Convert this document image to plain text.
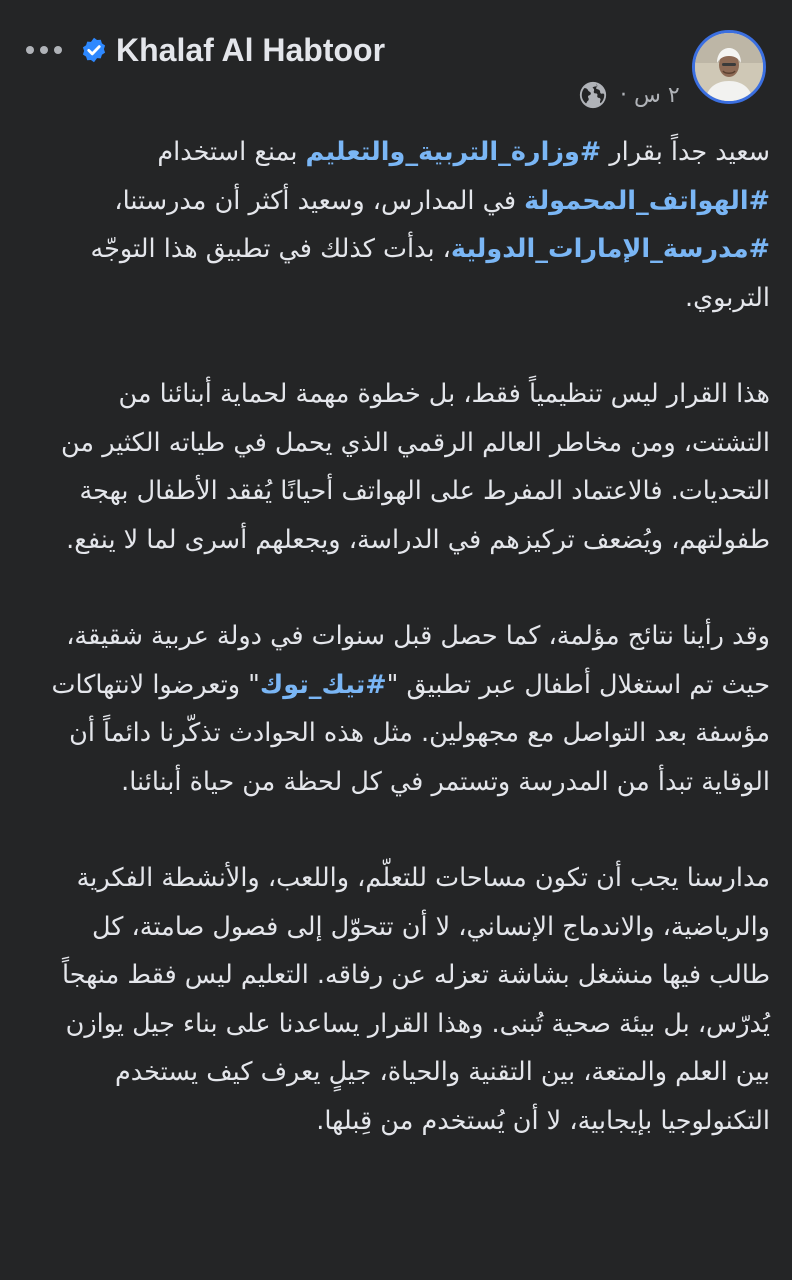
Khalaf Al Habtoor
٢ س ·

سعيد جداً بقرار #وزارة_التربية_والتعليم بمنع استخدام #الهواتف_المحمولة في المدارس، وسعيد أكثر أن مدرستنا، #مدرسة_الإمارات_الدولية، بدأت كذلك في تطبيق هذا التوجّه التربوي.

هذا القرار ليس تنظيمياً فقط، بل خطوة مهمة لحماية أبنائنا من التشتت، ومن مخاطر العالم الرقمي الذي يحمل في طياته الكثير من التحديات. فالاعتماد المفرط على الهواتف أحيانًا يُفقد الأطفال بهجة طفولتهم، ويُضعف تركيزهم في الدراسة، ويجعلهم أسرى لما لا ينفع.

وقد رأينا نتائج مؤلمة، كما حصل قبل سنوات في دولة عربية شقيقة، حيث تم استغلال أطفال عبر تطبيق "#تيك_توك" وتعرضوا لانتهاكات مؤسفة بعد التواصل مع مجهولين. مثل هذه الحوادث تذكّرنا دائماً أن الوقاية تبدأ من المدرسة وتستمر في كل لحظة من حياة أبنائنا.

مدارسنا يجب أن تكون مساحات للتعلّم، واللعب، والأنشطة الفكرية والرياضية، والاندماج الإنساني، لا أن تتحوّل إلى فصول صامتة، كل طالب فيها منشغل بشاشة تعزله عن رفاقه. التعليم ليس فقط منهجاً يُدرّس، بل بيئة صحية تُبنى. وهذا القرار يساعدنا على بناء جيل يوازن بين العلم والمتعة، بين التقنية والحياة، جيلٍ يعرف كيف يستخدم التكنولوجيا بإيجابية، لا أن يُستخدم من قِبلها.
